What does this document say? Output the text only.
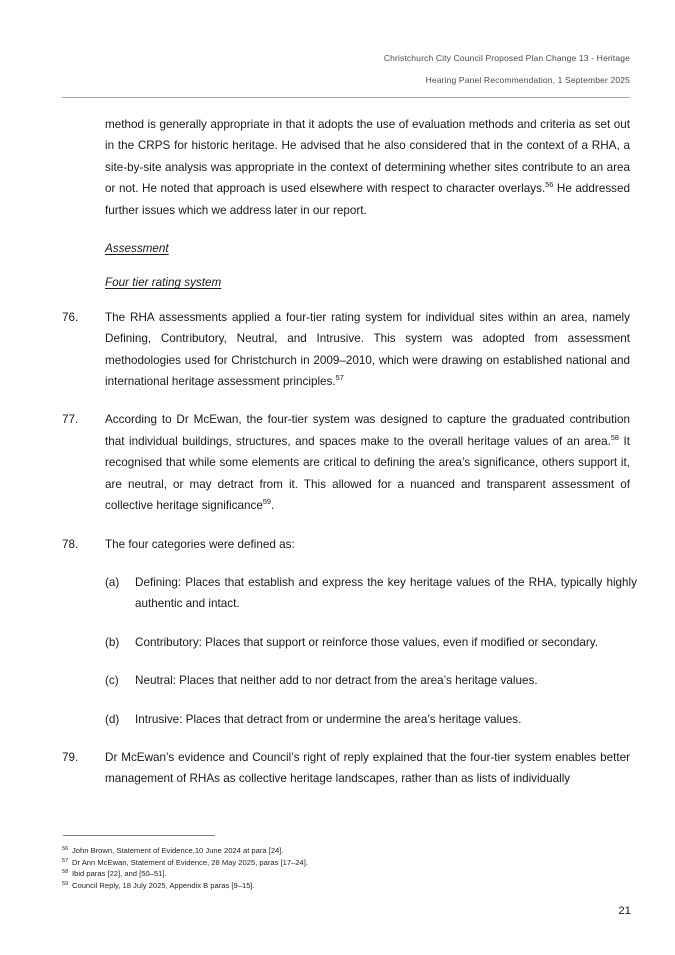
Christchurch City Council Proposed Plan Change 13 - Heritage
Hearing Panel Recommendation, 1 September 2025
method is generally appropriate in that it adopts the use of evaluation methods and criteria as set out in the CRPS for historic heritage. He advised that he also considered that in the context of a RHA, a site-by-site analysis was appropriate in the context of determining whether sites contribute to an area or not. He noted that approach is used elsewhere with respect to character overlays.$^{56}$ He addressed further issues which we address later in our report.
Assessment
Four tier rating system
76.	The RHA assessments applied a four-tier rating system for individual sites within an area, namely Defining, Contributory, Neutral, and Intrusive. This system was adopted from assessment methodologies used for Christchurch in 2009–2010, which were drawing on established national and international heritage assessment principles.$^{57}$
77.	According to Dr McEwan, the four-tier system was designed to capture the graduated contribution that individual buildings, structures, and spaces make to the overall heritage values of an area.$^{58}$ It recognised that while some elements are critical to defining the area’s significance, others support it, are neutral, or may detract from it. This allowed for a nuanced and transparent assessment of collective heritage significance$^{59}$.
78.	The four categories were defined as:
(a)	Defining: Places that establish and express the key heritage values of the RHA, typically highly authentic and intact.
(b)	Contributory: Places that support or reinforce those values, even if modified or secondary.
(c)	Neutral: Places that neither add to nor detract from the area’s heritage values.
(d)	Intrusive: Places that detract from or undermine the area’s heritage values.
79.	Dr McEwan’s evidence and Council’s right of reply explained that the four-tier system enables better management of RHAs as collective heritage landscapes, rather than as lists of individually
56 John Brown, Statement of Evidence,10 June 2024 at para [24].
57 Dr Ann McEwan, Statement of Evidence, 28 May 2025, paras [17–24].
58 Ibid paras [22], and [50–51].
59 Council Reply, 18 July 2025, Appendix B paras [9–15].
21
